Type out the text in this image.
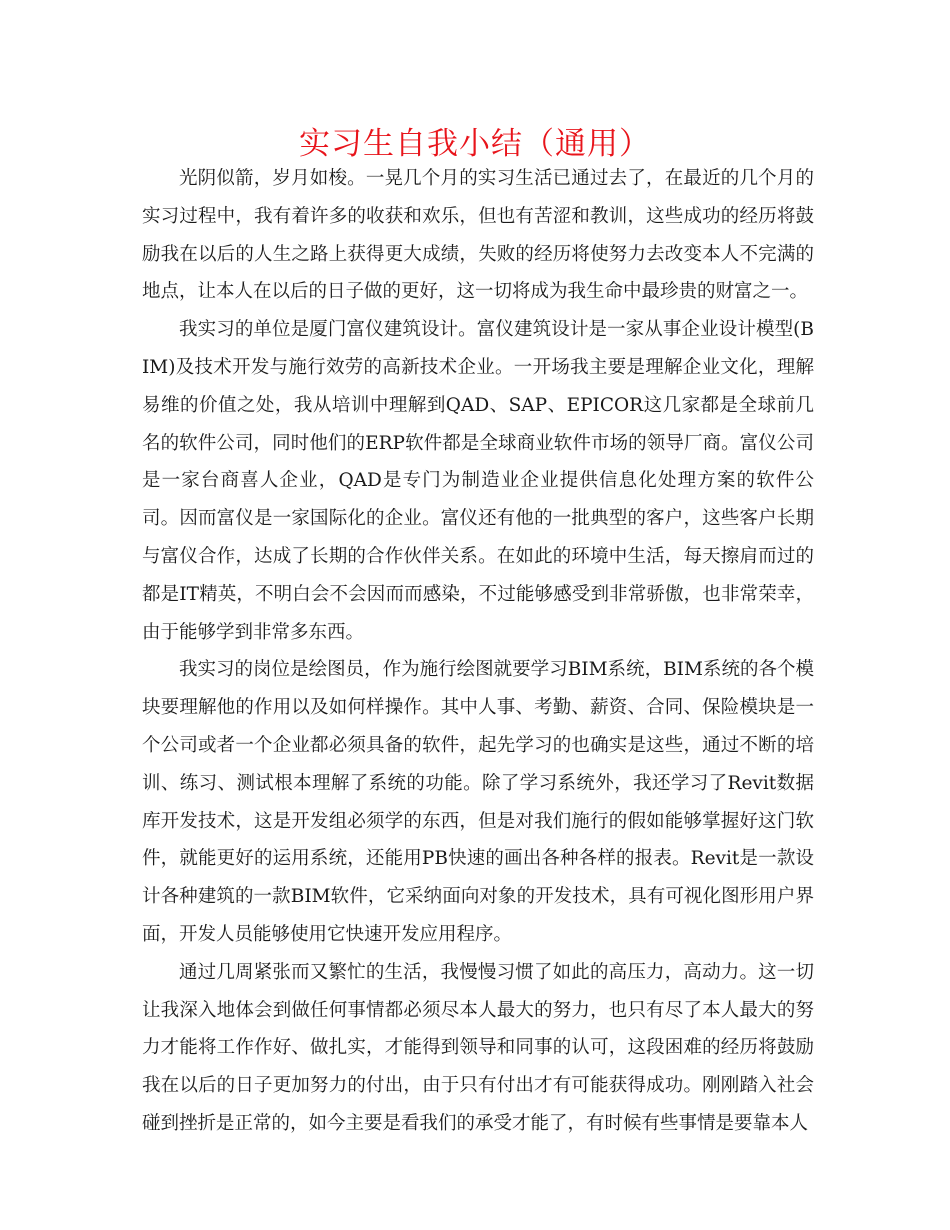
实习生自我小结（通用）

光阴似箭，岁月如梭。一晃几个月的实习生活已通过去了，在最近的几个月的实习过程中，我有着许多的收获和欢乐，但也有苦涩和教训，这些成功的经历将鼓励我在以后的人生之路上获得更大成绩，失败的经历将使努力去改变本人不完满的地点，让本人在以后的日子做的更好，这一切将成为我生命中最珍贵的财富之一。

我实习的单位是厦门富仪建筑设计。富仪建筑设计是一家从事企业设计模型(BIM)及技术开发与施行效劳的高新技术企业。一开场我主要是理解企业文化，理解易维的价值之处，我从培训中理解到QAD、SAP、EPICOR这几家都是全球前几名的软件公司，同时他们的ERP软件都是全球商业软件市场的领导厂商。富仪公司是一家台商喜人企业，QAD是专门为制造业企业提供信息化处理方案的软件公司。因而富仪是一家国际化的企业。富仪还有他的一批典型的客户，这些客户长期与富仪合作，达成了长期的合作伙伴关系。在如此的环境中生活，每天擦肩而过的都是IT精英，不明白会不会因而而感染，不过能够感受到非常骄傲，也非常荣幸，由于能够学到非常多东西。

我实习的岗位是绘图员，作为施行绘图就要学习BIM系统，BIM系统的各个模块要理解他的作用以及如何样操作。其中人事、考勤、薪资、合同、保险模块是一个公司或者一个企业都必须具备的软件，起先学习的也确实是这些，通过不断的培训、练习、测试根本理解了系统的功能。除了学习系统外，我还学习了Revit数据库开发技术，这是开发组必须学的东西，但是对我们施行的假如能够掌握好这门软件，就能更好的运用系统，还能用PB快速的画出各种各样的报表。Revit是一款设计各种建筑的一款BIM软件，它采纳面向对象的开发技术，具有可视化图形用户界面，开发人员能够使用它快速开发应用程序。

通过几周紧张而又繁忙的生活，我慢慢习惯了如此的高压力，高动力。这一切让我深入地体会到做任何事情都必须尽本人最大的努力，也只有尽了本人最大的努力才能将工作作好、做扎实，才能得到领导和同事的认可，这段困难的经历将鼓励我在以后的日子更加努力的付出，由于只有付出才有可能获得成功。刚刚踏入社会碰到挫折是正常的，如今主要是看我们的承受才能了，有时候有些事情是要靠本人
